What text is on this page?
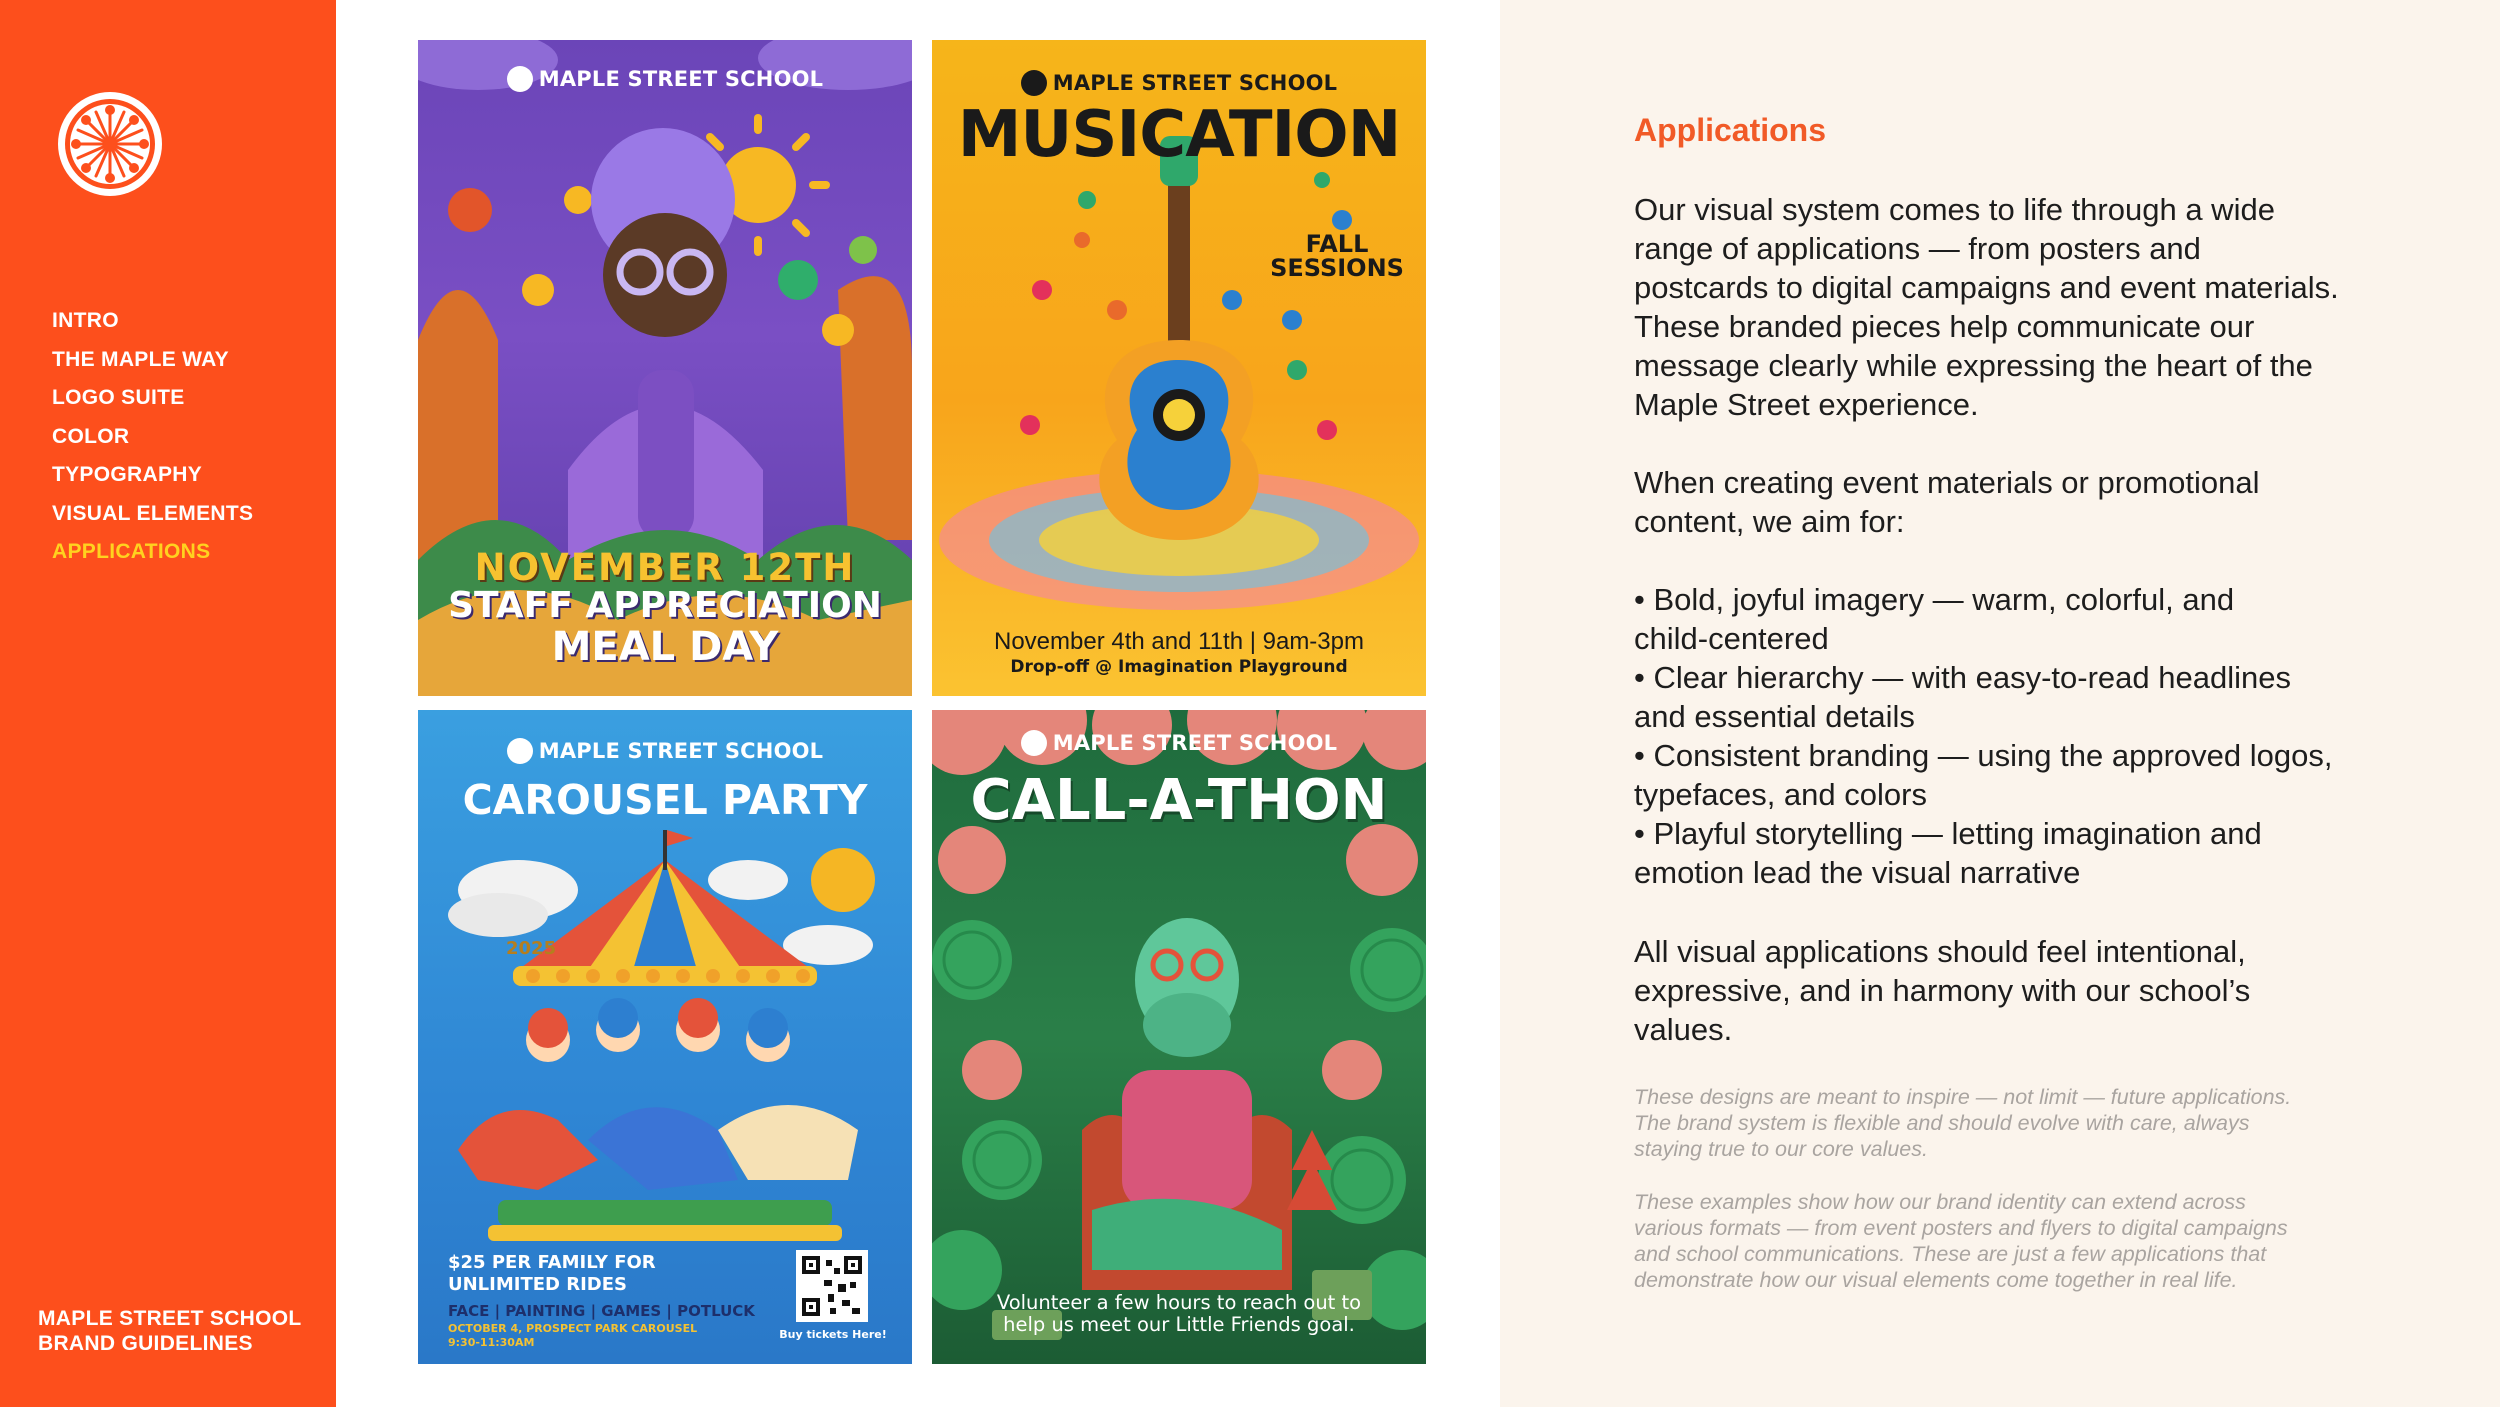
INTRO
THE MAPLE WAY
LOGO SUITE
COLOR
TYPOGRAPHY
VISUAL ELEMENTS
APPLICATIONS
MAPLE STREET SCHOOL
BRAND GUIDELINES
MAPLE STREET SCHOOL
NOVEMBER 12TH
STAFF APPRECIATION
MEAL DAY
MAPLE STREET SCHOOL
MUSICATION
FALL
SESSIONS
November 4th and 11th | 9am-3pm
Drop-off @ Imagination Playground
MAPLE STREET SCHOOL
CAROUSEL PARTY
2025
$25 PER FAMILY FOR
UNLIMITED RIDES
FACE | PAINTING | GAMES | POTLUCK
OCTOBER 4, PROSPECT PARK CAROUSEL
9:30-11:30AM
Buy tickets Here!
MAPLE STREET SCHOOL
CALL-A-THON
Volunteer a few hours to reach out to
help us meet our Little Friends goal.
Applications

Our visual system comes to life through a wide
range of applications — from posters and
postcards to digital campaigns and event materials.
These branded pieces help communicate our
message clearly while expressing the heart of the
Maple Street experience.

When creating event materials or promotional
content, we aim for:

• Bold, joyful imagery — warm, colorful, and
child-centered
• Clear hierarchy — with easy-to-read headlines
and essential details
• Consistent branding — using the approved logos,
typefaces, and colors
• Playful storytelling — letting imagination and
emotion lead the visual narrative

All visual applications should feel intentional,
expressive, and in harmony with our school’s
values.

These designs are meant to inspire — not limit — future applications.
The brand system is flexible and should evolve with care, always
staying true to our core values.
These examples show how our brand identity can extend across
various formats — from event posters and flyers to digital campaigns
and school communications. These are just a few applications that
demonstrate how our visual elements come together in real life.
